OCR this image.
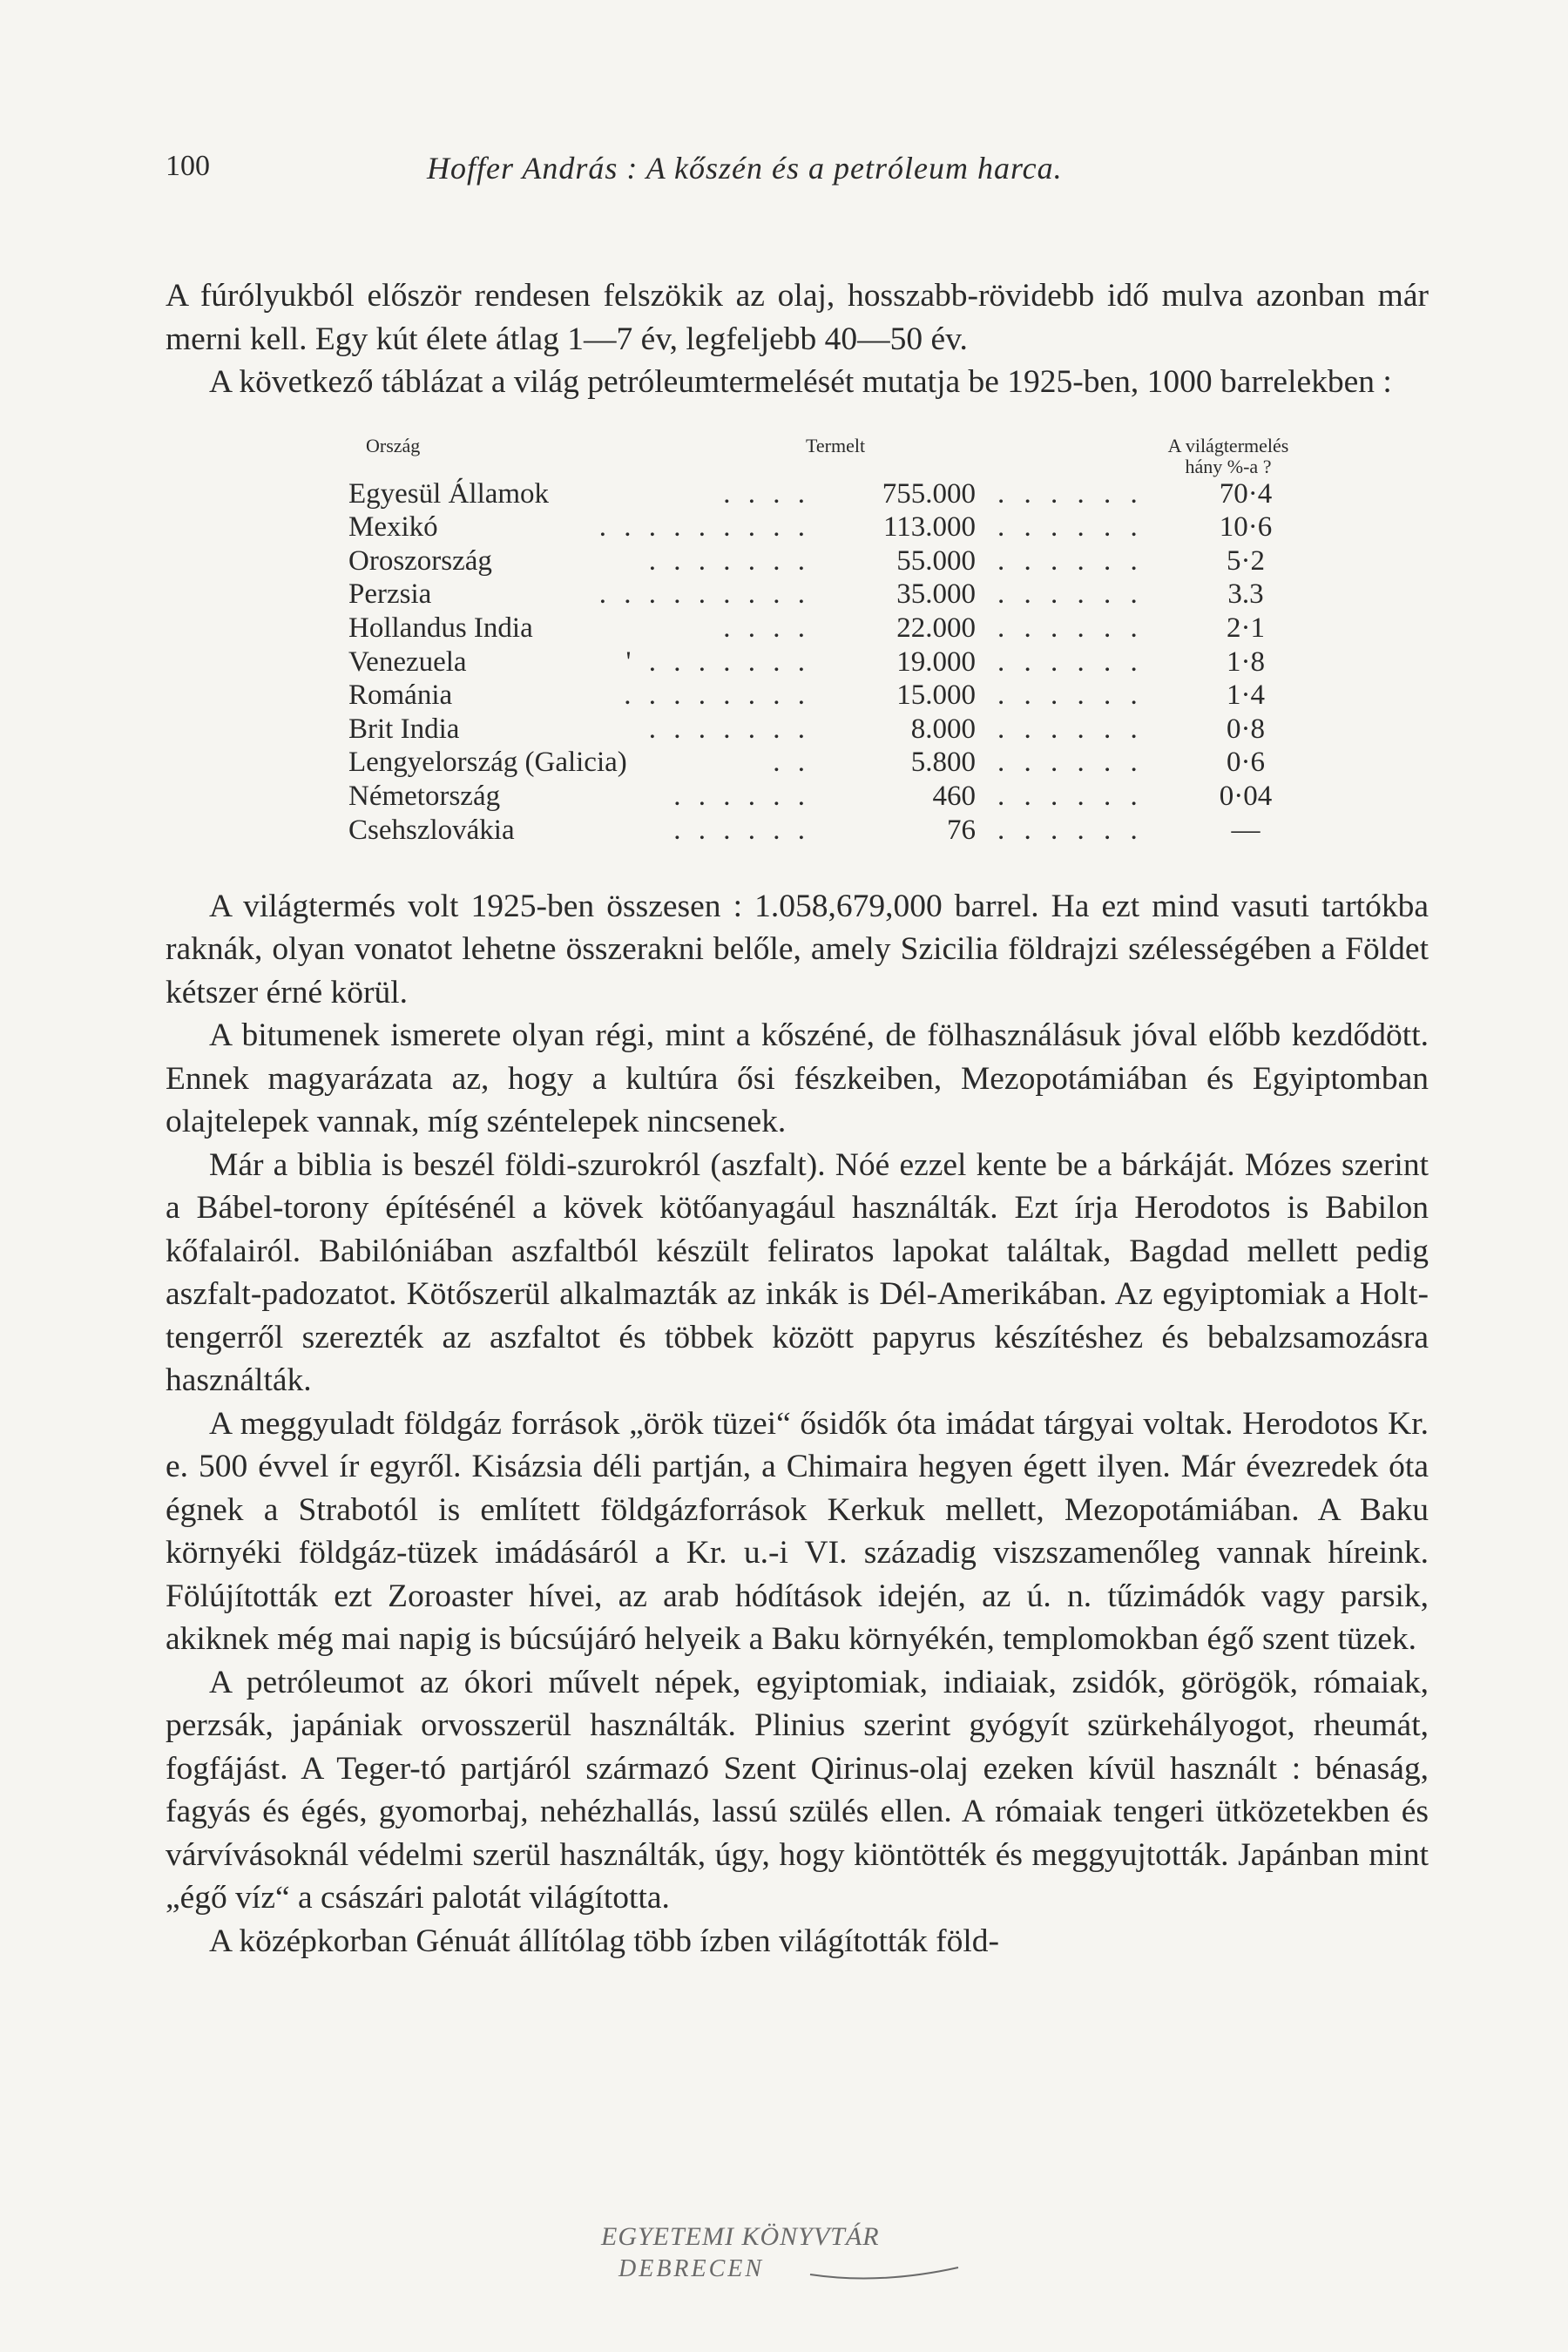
100	Hoffer András : A kőszén és a petróleum harca.

A fúrólyukból először rendesen felszökik az olaj, hosszabb-rövidebb idő mulva azonban már merni kell. Egy kút élete átlag 1—7 év, legfeljebb 40—50 év.

A következő táblázat a világ petróleumtermelését mutatja be 1925-ben, 1000 barrelekben :

Ország	Termelt	A világtermelés
hány %-a ?
Egyesül Államok	. . . .	755.000 . . . . . .	70·4
Mexikó	. . . . . . . . .	113.000 . . . . . .	10·6
Oroszország	. . . . . . .	55.000 . . . . . .	5·2
Perzsia	. . . . . . . . .	35.000 . . . . . .	3.3
Hollandus India	. . . .	22.000 . . . . . .	2·1
Venezuela	' . . . . . . .	19.000 . . . . . .	1·8
Románia	. . . . . . . .	15.000 . . . . . .	1·4
Brit India	. . . . . . .	8.000 . . . . . .	0·8
Lengyelország (Galicia)	. .	5.800 . . . . . .	0·6
Németország	. . . . . .	460 . . . . . .	0·04
Csehszlovákia	. . . . . .	76 . . . . . .	—

A világtermés volt 1925-ben összesen : 1.058,679,000 barrel. Ha ezt mind vasuti tartókba raknák, olyan vonatot lehetne összerakni belőle, amely Szicilia földrajzi szélességében a Földet kétszer érné körül.

A bitumenek ismerete olyan régi, mint a kőszéné, de fölhasználásuk jóval előbb kezdődött. Ennek magyarázata az, hogy a kultúra ősi fészkeiben, Mezopotámiában és Egyiptomban olajtelepek vannak, míg széntelepek nincsenek.

Már a biblia is beszél földi-szurokról (aszfalt). Nóé ezzel kente be a bárkáját. Mózes szerint a Bábel-torony építésénél a kövek kötőanyagául használták. Ezt írja Herodotos is Babilon kőfalairól. Babilóniában aszfaltból készült feliratos lapokat találtak, Bagdad mellett pedig aszfalt-padozatot. Kötőszerül alkalmazták az inkák is Dél-Amerikában. Az egyiptomiak a Holt-tengerről szerezték az aszfaltot és többek között papyrus készítéshez és bebalzsamozásra használták.

A meggyuladt földgáz források „örök tüzei“ ősidők óta imádat tárgyai voltak. Herodotos Kr. e. 500 évvel ír egyről. Kisázsia déli partján, a Chimaira hegyen égett ilyen. Már évezredek óta égnek a Strabotól is említett földgázforrások Kerkuk mellett, Mezopotámiában. A Baku környéki földgáz-tüzek imádásáról a Kr. u.-i VI. századig viszszamenőleg vannak híreink. Fölújították ezt Zoroaster hívei, az arab hódítások idején, az ú. n. tűzimádók vagy parsik, akiknek még mai napig is búcsújáró helyeik a Baku környékén, templomokban égő szent tüzek.

A petróleumot az ókori művelt népek, egyiptomiak, indiaiak, zsidók, görögök, rómaiak, perzsák, japániak orvosszerül használták. Plinius szerint gyógyít szürkehályogot, rheumát, fogfájást. A Teger-tó partjáról származó Szent Qirinus-olaj ezeken kívül használt : bénaság, fagyás és égés, gyomorbaj, nehézhallás, lassú szülés ellen. A rómaiak tengeri ütközetekben és várvívásoknál védelmi szerül használták, úgy, hogy kiöntötték és meggyujtották. Japánban mint „égő víz“ a császári palotát világította.

A középkorban Génuát állítólag több ízben világították föld-

EGYETEMI KÖNYVTÁR
DEBRECEN
